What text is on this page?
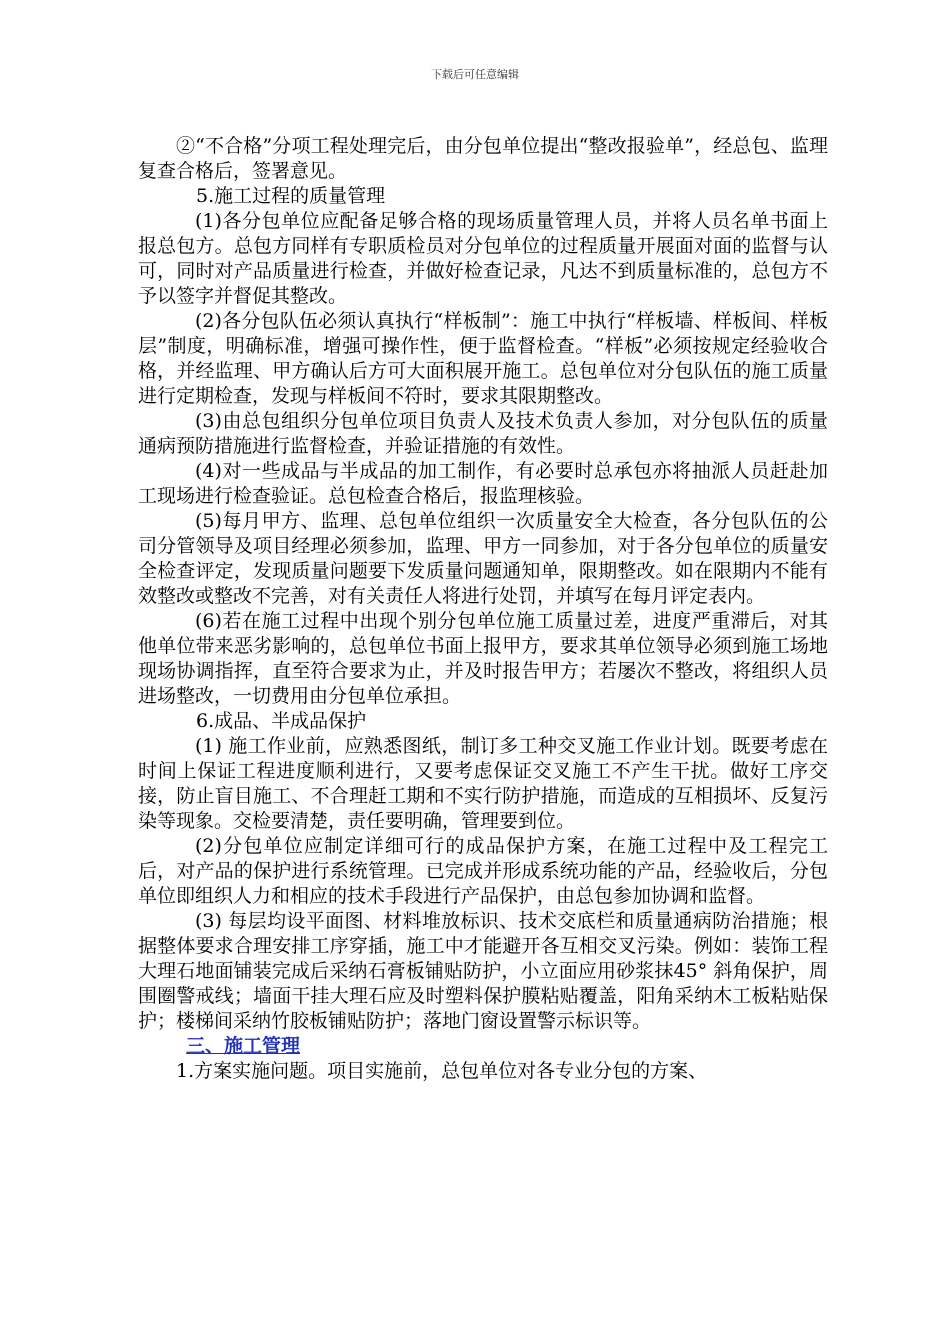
下载后可任意编辑

②“不合格”分项工程处理完后，由分包单位提出“整改报验单”，经总包、监理复查合格后，签署意见。

5.施工过程的质量管理

(1)各分包单位应配备足够合格的现场质量管理人员，并将人员名单书面上报总包方。总包方同样有专职质检员对分包单位的过程质量开展面对面的监督与认可，同时对产品质量进行检查，并做好检查记录，凡达不到质量标准的，总包方不予以签字并督促其整改。

(2)各分包队伍必须认真执行“样板制”：施工中执行“样板墙、样板间、样板层”制度，明确标准，增强可操作性，便于监督检查。“样板”必须按规定经验收合格，并经监理、甲方确认后方可大面积展开施工。总包单位对分包队伍的施工质量进行定期检查，发现与样板间不符时，要求其限期整改。

(3)由总包组织分包单位项目负责人及技术负责人参加，对分包队伍的质量通病预防措施进行监督检查，并验证措施的有效性。

(4)对一些成品与半成品的加工制作，有必要时总承包亦将抽派人员赶赴加工现场进行检查验证。总包检查合格后，报监理核验。

(5)每月甲方、监理、总包单位组织一次质量安全大检查，各分包队伍的公司分管领导及项目经理必须参加，监理、甲方一同参加，对于各分包单位的质量安全检查评定，发现质量问题要下发质量问题通知单，限期整改。如在限期内不能有效整改或整改不完善，对有关责任人将进行处罚，并填写在每月评定表内。

(6)若在施工过程中出现个别分包单位施工质量过差，进度严重滞后，对其他单位带来恶劣影响的，总包单位书面上报甲方，要求其单位领导必须到施工场地现场协调指挥，直至符合要求为止，并及时报告甲方；若屡次不整改，将组织人员进场整改，一切费用由分包单位承担。

6.成品、半成品保护

(1) 施工作业前，应熟悉图纸，制订多工种交叉施工作业计划。既要考虑在时间上保证工程进度顺利进行，又要考虑保证交叉施工不产生干扰。做好工序交接，防止盲目施工、不合理赶工期和不实行防护措施，而造成的互相损坏、反复污染等现象。交检要清楚，责任要明确，管理要到位。

(2)分包单位应制定详细可行的成品保护方案，在施工过程中及工程完工后，对产品的保护进行系统管理。已完成并形成系统功能的产品，经验收后，分包单位即组织人力和相应的技术手段进行产品保护，由总包参加协调和监督。

(3) 每层均设平面图、材料堆放标识、技术交底栏和质量通病防治措施；根据整体要求合理安排工序穿插，施工中才能避开各互相交叉污染。例如：装饰工程大理石地面铺装完成后采纳石膏板铺贴防护，小立面应用砂浆抹45° 斜角保护，周围圈警戒线；墙面干挂大理石应及时塑料保护膜粘贴覆盖，阳角采纳木工板粘贴保护；楼梯间采纳竹胶板铺贴防护；落地门窗设置警示标识等。

三、施工管理

1.方案实施问题。项目实施前，总包单位对各专业分包的方案、
